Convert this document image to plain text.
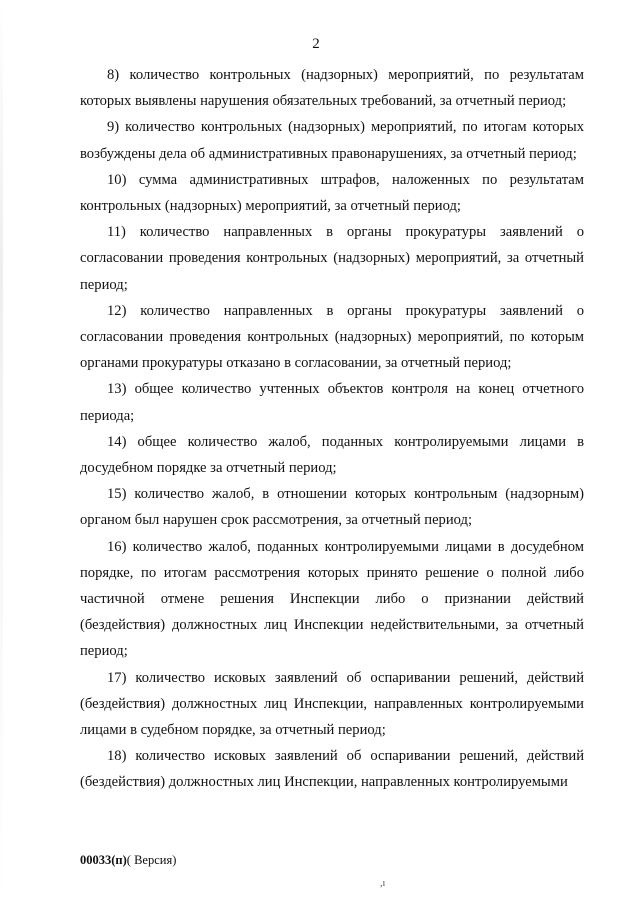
2

8) количество контрольных (надзорных) мероприятий, по результатам которых выявлены нарушения обязательных требований, за отчетный период;

9) количество контрольных (надзорных) мероприятий, по итогам которых возбуждены дела об административных правонарушениях, за отчетный период;

10) сумма административных штрафов, наложенных по результатам контрольных (надзорных) мероприятий, за отчетный период;

11) количество направленных в органы прокуратуры заявлений о согласовании проведения контрольных (надзорных) мероприятий, за отчетный период;

12) количество направленных в органы прокуратуры заявлений о согласовании проведения контрольных (надзорных) мероприятий, по которым органами прокуратуры отказано в согласовании, за отчетный период;

13) общее количество учтенных объектов контроля на конец отчетного периода;

14) общее количество жалоб, поданных контролируемыми лицами в досудебном порядке за отчетный период;

15) количество жалоб, в отношении которых контрольным (надзорным) органом был нарушен срок рассмотрения, за отчетный период;

16) количество жалоб, поданных контролируемыми лицами в досудебном порядке, по итогам рассмотрения которых принято решение о полной либо частичной отмене решения Инспекции либо о признании действий (бездействия) должностных лиц Инспекции недействительными, за отчетный период;

17) количество исковых заявлений об оспаривании решений, действий (бездействия) должностных лиц Инспекции, направленных контролируемыми лицами в судебном порядке, за отчетный период;

18) количество исковых заявлений об оспаривании решений, действий (бездействия) должностных лиц Инспекции, направленных контролируемыми

00033(п)( Версия)
,ı
